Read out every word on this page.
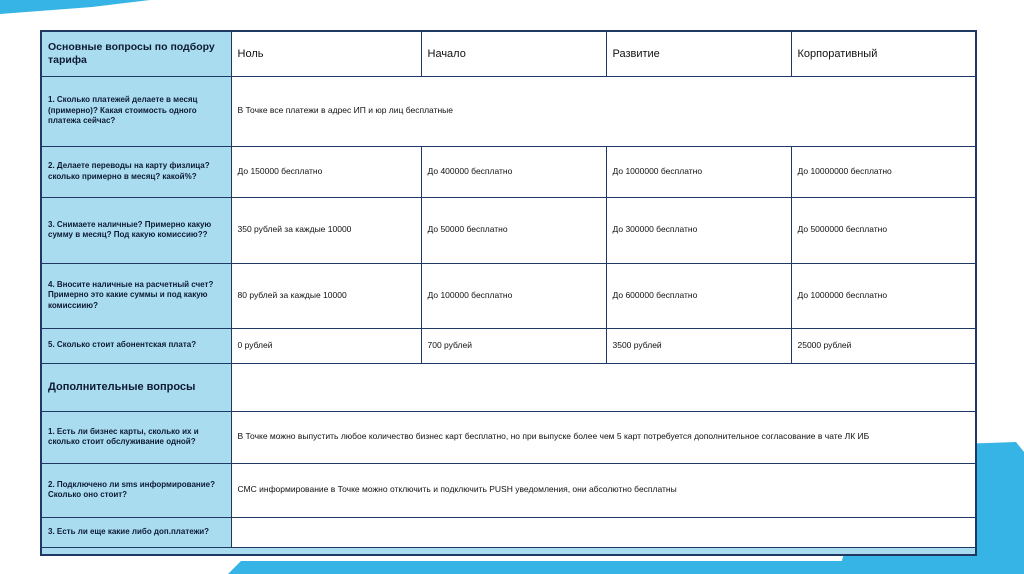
Основные вопросы по подбору тарифа	Ноль	Начало	Развитие	Корпоративный
1. Сколько платежей делаете в месяц (примерно)? Какая стоимость одного платежа сейчас?	В Точке все платежи в адрес ИП и юр лиц бесплатные			
2. Делаете переводы на карту физлица? сколько примерно в месяц? какой%?	До 150000 бесплатно	До 400000 бесплатно	До 1000000 бесплатно	До 10000000 бесплатно
3. Снимаете наличные? Примерно какую сумму в месяц? Под какую комиссию??	350 рублей за каждые 10000	До 50000 бесплатно	До 300000 бесплатно	До 5000000 бесплатно
4. Вносите наличные на расчетный счет? Примерно это какие суммы и под какую комиссиию?	80 рублей за каждые 10000	До 100000 бесплатно	До 600000 бесплатно	До 1000000 бесплатно
5. Сколько стоит абонентская плата?	0 рублей	700 рублей	3500 рублей	25000 рублей
Дополнительные вопросы				
1. Есть ли бизнес карты, сколько их и сколько стоит обслуживание одной?	В Точке можно выпустить любое количество бизнес карт бесплатно, но при выпуске более чем 5 карт потребуется дополнительное согласование в чате ЛК ИБ			
2. Подключено ли sms информирование? Сколько оно стоит?	СМС информирование в Точке можно отключить и подключить PUSH уведомления, они абсолютно бесплатны			
3. Есть ли еще какие либо доп.платежи?				
